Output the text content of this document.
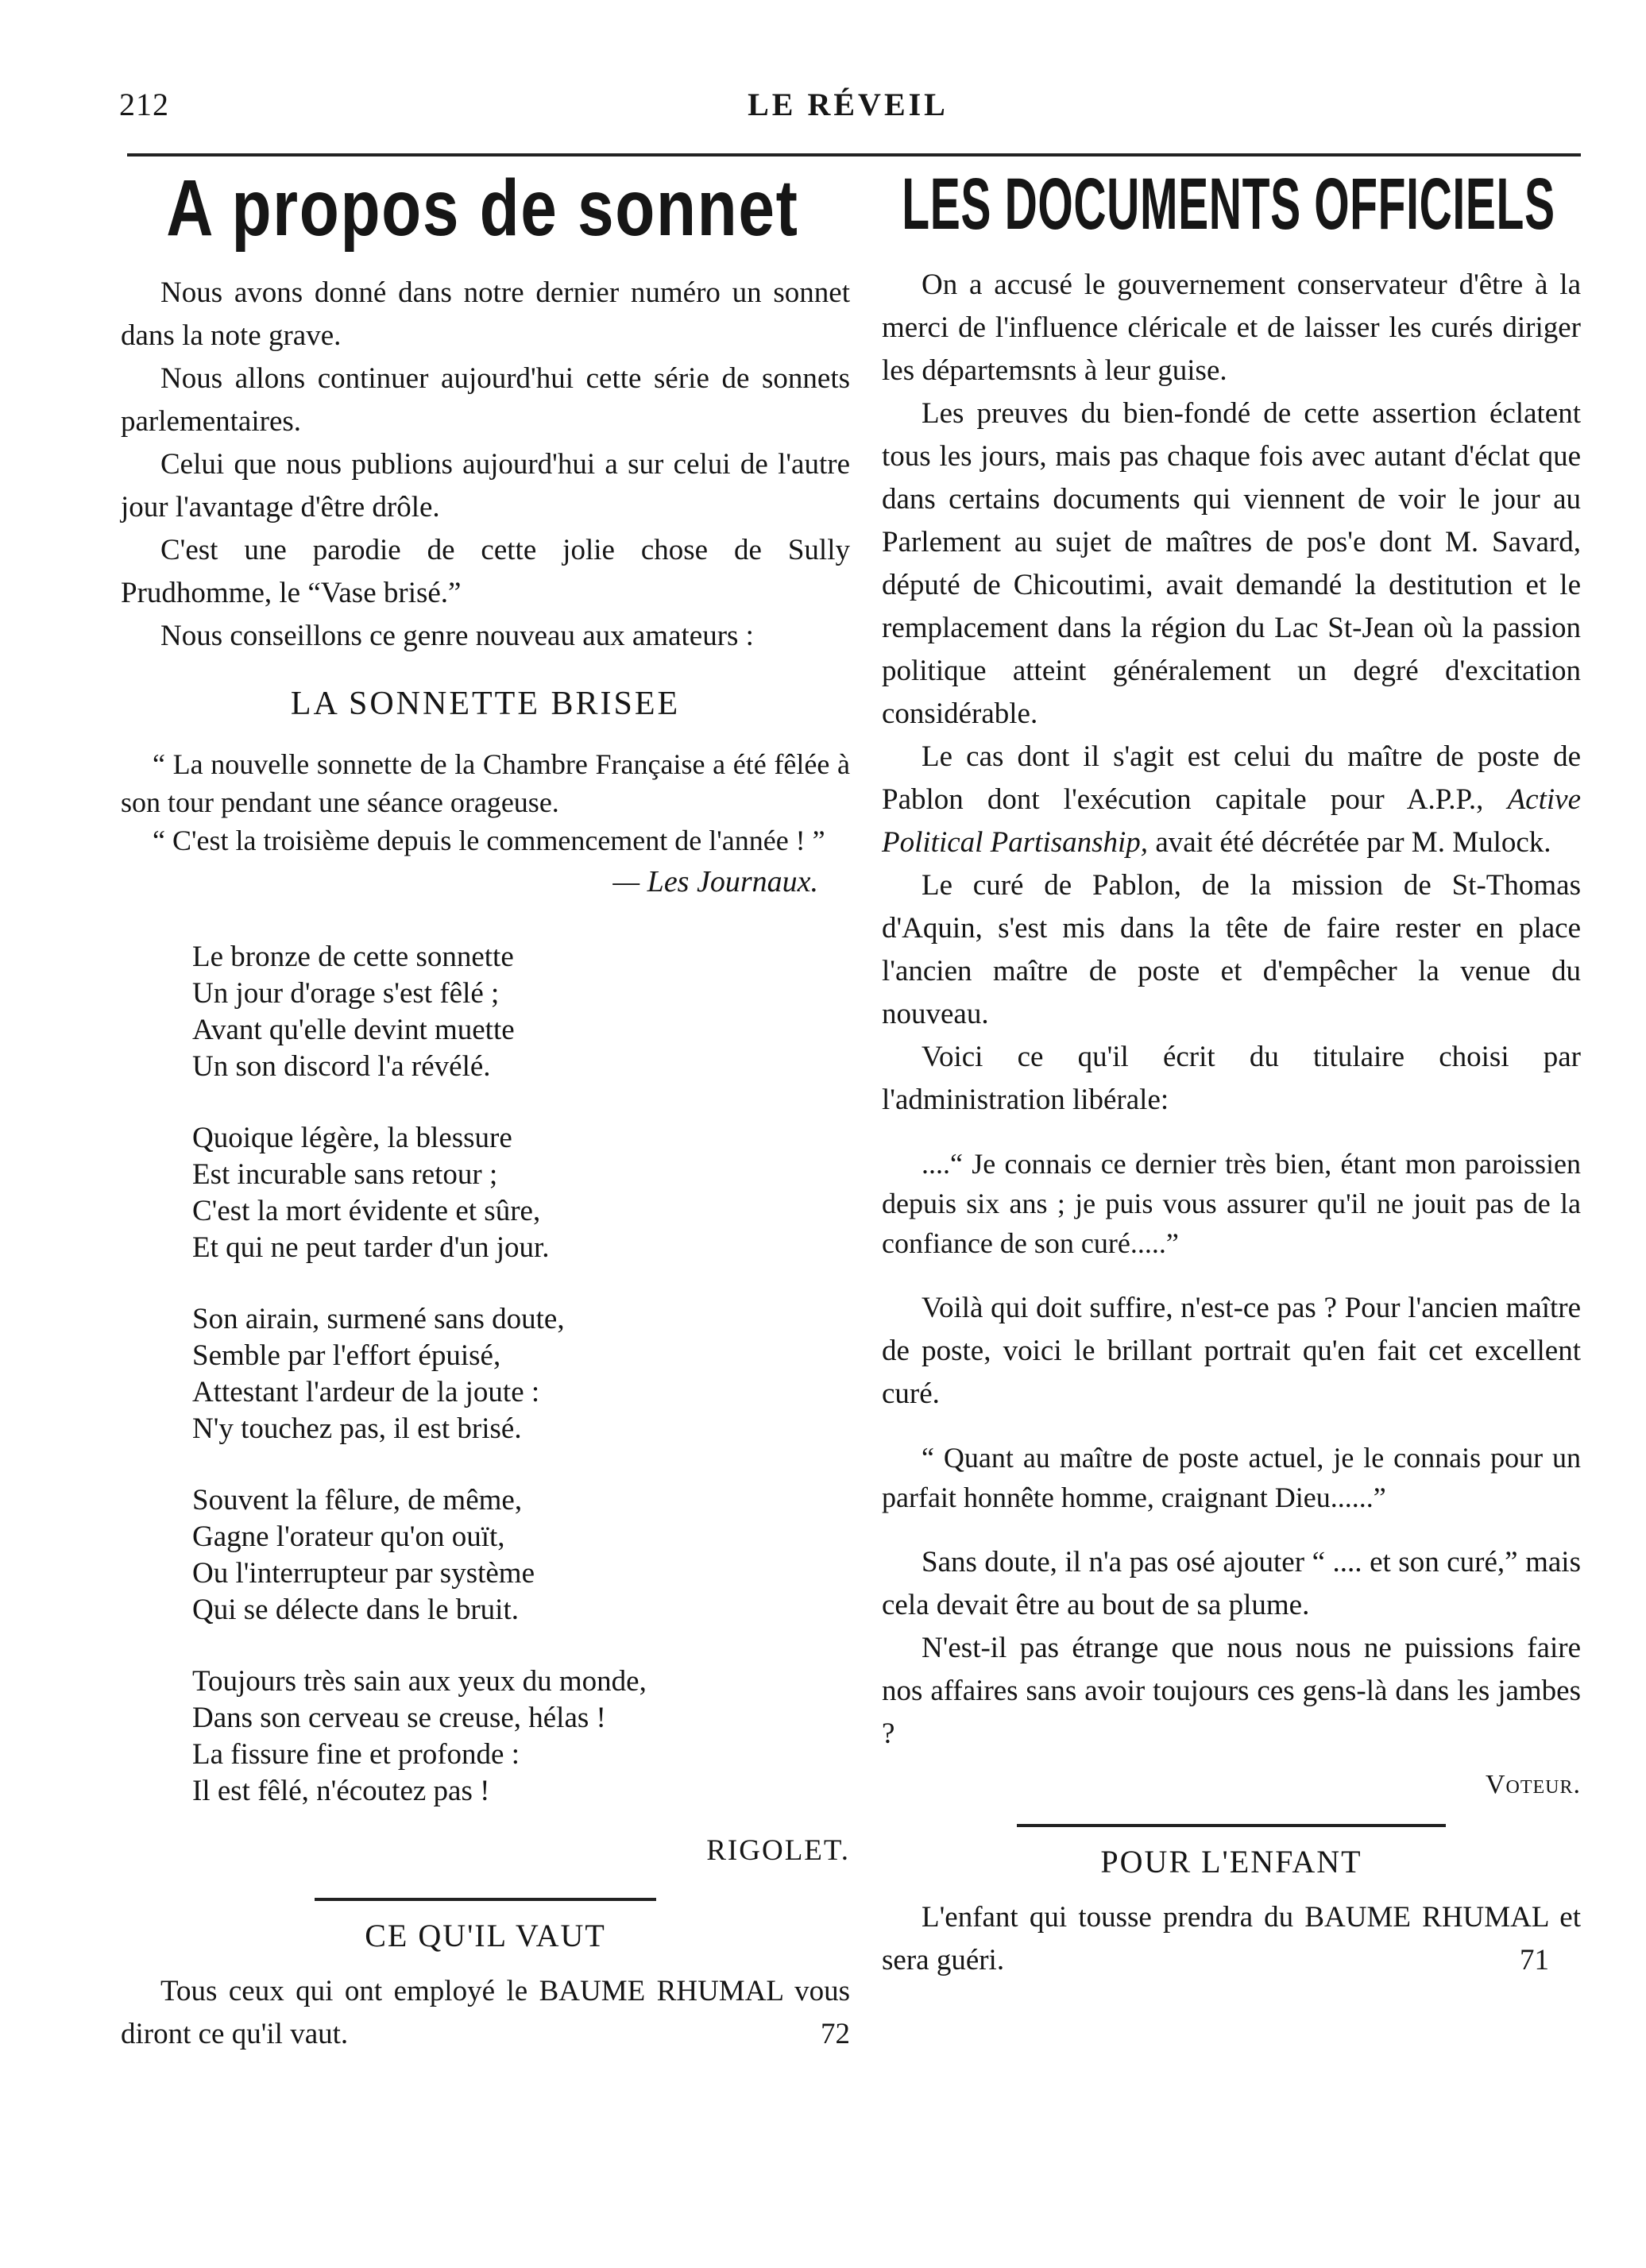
212	LE RÉVEIL
A propos de sonnet

Nous avons donné dans notre dernier numéro un sonnet dans la note grave.

Nous allons continuer aujourd'hui cette série de sonnets parlementaires.

Celui que nous publions aujourd'hui a sur celui de l'autre jour l'avantage d'être drôle.

C'est une parodie de cette jolie chose de Sully Prudhomme, le “Vase brisé.”

Nous conseillons ce genre nouveau aux amateurs :

LA SONNETTE BRISEE

“ La nouvelle sonnette de la Chambre Française a été fêlée à son tour pendant une séance orageuse.

“ C'est la troisième depuis le commencement de l'année ! ”

— Les Journaux.
Le bronze de cette sonnette
Un jour d'orage s'est fêlé ;
Avant qu'elle devint muette
Un son discord l'a révélé.
Quoique légère, la blessure
Est incurable sans retour ;
C'est la mort évidente et sûre,
Et qui ne peut tarder d'un jour.
Son airain, surmené sans doute,
Semble par l'effort épuisé,
Attestant l'ardeur de la joute :
N'y touchez pas, il est brisé.
Souvent la fêlure, de même,
Gagne l'orateur qu'on ouït,
Ou l'interrupteur par système
Qui se délecte dans le bruit.
Toujours très sain aux yeux du monde,
Dans son cerveau se creuse, hélas !
La fissure fine et profonde :
Il est fêlé, n'écoutez pas !
RIGOLET.
CE QU'IL VAUT

Tous ceux qui ont employé le BAUME RHUMAL vous diront ce qu'il vaut.	72

LES DOCUMENTS OFFICIELS

On a accusé le gouvernement conservateur d'être à la merci de l'influence cléricale et de laisser les curés diriger les départemsnts à leur guise.

Les preuves du bien-fondé de cette assertion éclatent tous les jours, mais pas chaque fois avec autant d'éclat que dans certains documents qui viennent de voir le jour au Parlement au sujet de maîtres de pos'e dont M. Savard, député de Chicoutimi, avait demandé la destitution et le remplacement dans la région du Lac St-Jean où la passion politique atteint généralement un degré d'excitation considérable.

Le cas dont il s'agit est celui du maître de poste de Pablon dont l'exécution capitale pour A.P.P., Active Political Partisanship, avait été décrétée par M. Mulock.

Le curé de Pablon, de la mission de St-Thomas d'Aquin, s'est mis dans la tête de faire rester en place l'ancien maître de poste et d'empêcher la venue du nouveau.

Voici ce qu'il écrit du titulaire choisi par l'administration libérale:

....“ Je connais ce dernier très bien, étant mon paroissien depuis six ans ; je puis vous assurer qu'il ne jouit pas de la confiance de son curé.....”

Voilà qui doit suffire, n'est-ce pas ? Pour l'ancien maître de poste, voici le brillant portrait qu'en fait cet excellent curé.

“ Quant au maître de poste actuel, je le connais pour un parfait honnête homme, craignant Dieu......”

Sans doute, il n'a pas osé ajouter “ .... et son curé,” mais cela devait être au bout de sa plume.

N'est-il pas étrange que nous nous ne puissions faire nos affaires sans avoir toujours ces gens-là dans les jambes ?

Voteur.
POUR L'ENFANT

L'enfant qui tousse prendra du BAUME RHUMAL et sera guéri.	71
